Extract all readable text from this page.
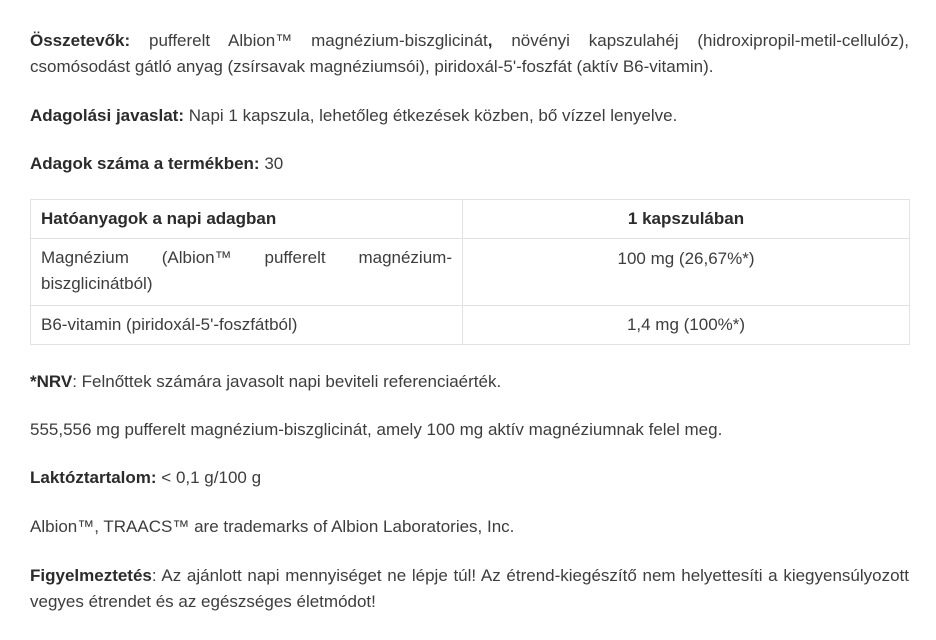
Összetevők: pufferelt Albion™ magnézium-biszglicinát, növényi kapszulahéj (hidroxipropil-metil-cellulóz), csomósodást gátló anyag (zsírsavak magnéziumsói), piridoxál-5'-foszfát (aktív B6-vitamin).

Adagolási javaslat: Napi 1 kapszula, lehetőleg étkezések közben, bő vízzel lenyelve.

Adagok száma a termékben: 30

Hatóanyagok a napi adagban	1 kapszulában
Magnézium (Albion™ pufferelt magnézium-biszglicinátból)	100 mg (26,67%*)
B6-vitamin (piridoxál-5'-foszfátból)	1,4 mg (100%*)

*NRV: Felnőttek számára javasolt napi beviteli referenciaérték.

555,556 mg pufferelt magnézium-biszglicinát, amely 100 mg aktív magnéziumnak felel meg.

Laktóztartalom: < 0,1 g/100 g

Albion™, TRAACS™ are trademarks of Albion Laboratories, Inc.

Figyelmeztetés: Az ajánlott napi mennyiséget ne lépje túl! Az étrend-kiegészítő nem helyettesíti a kiegyensúlyozott vegyes étrendet és az egészséges életmódot!
